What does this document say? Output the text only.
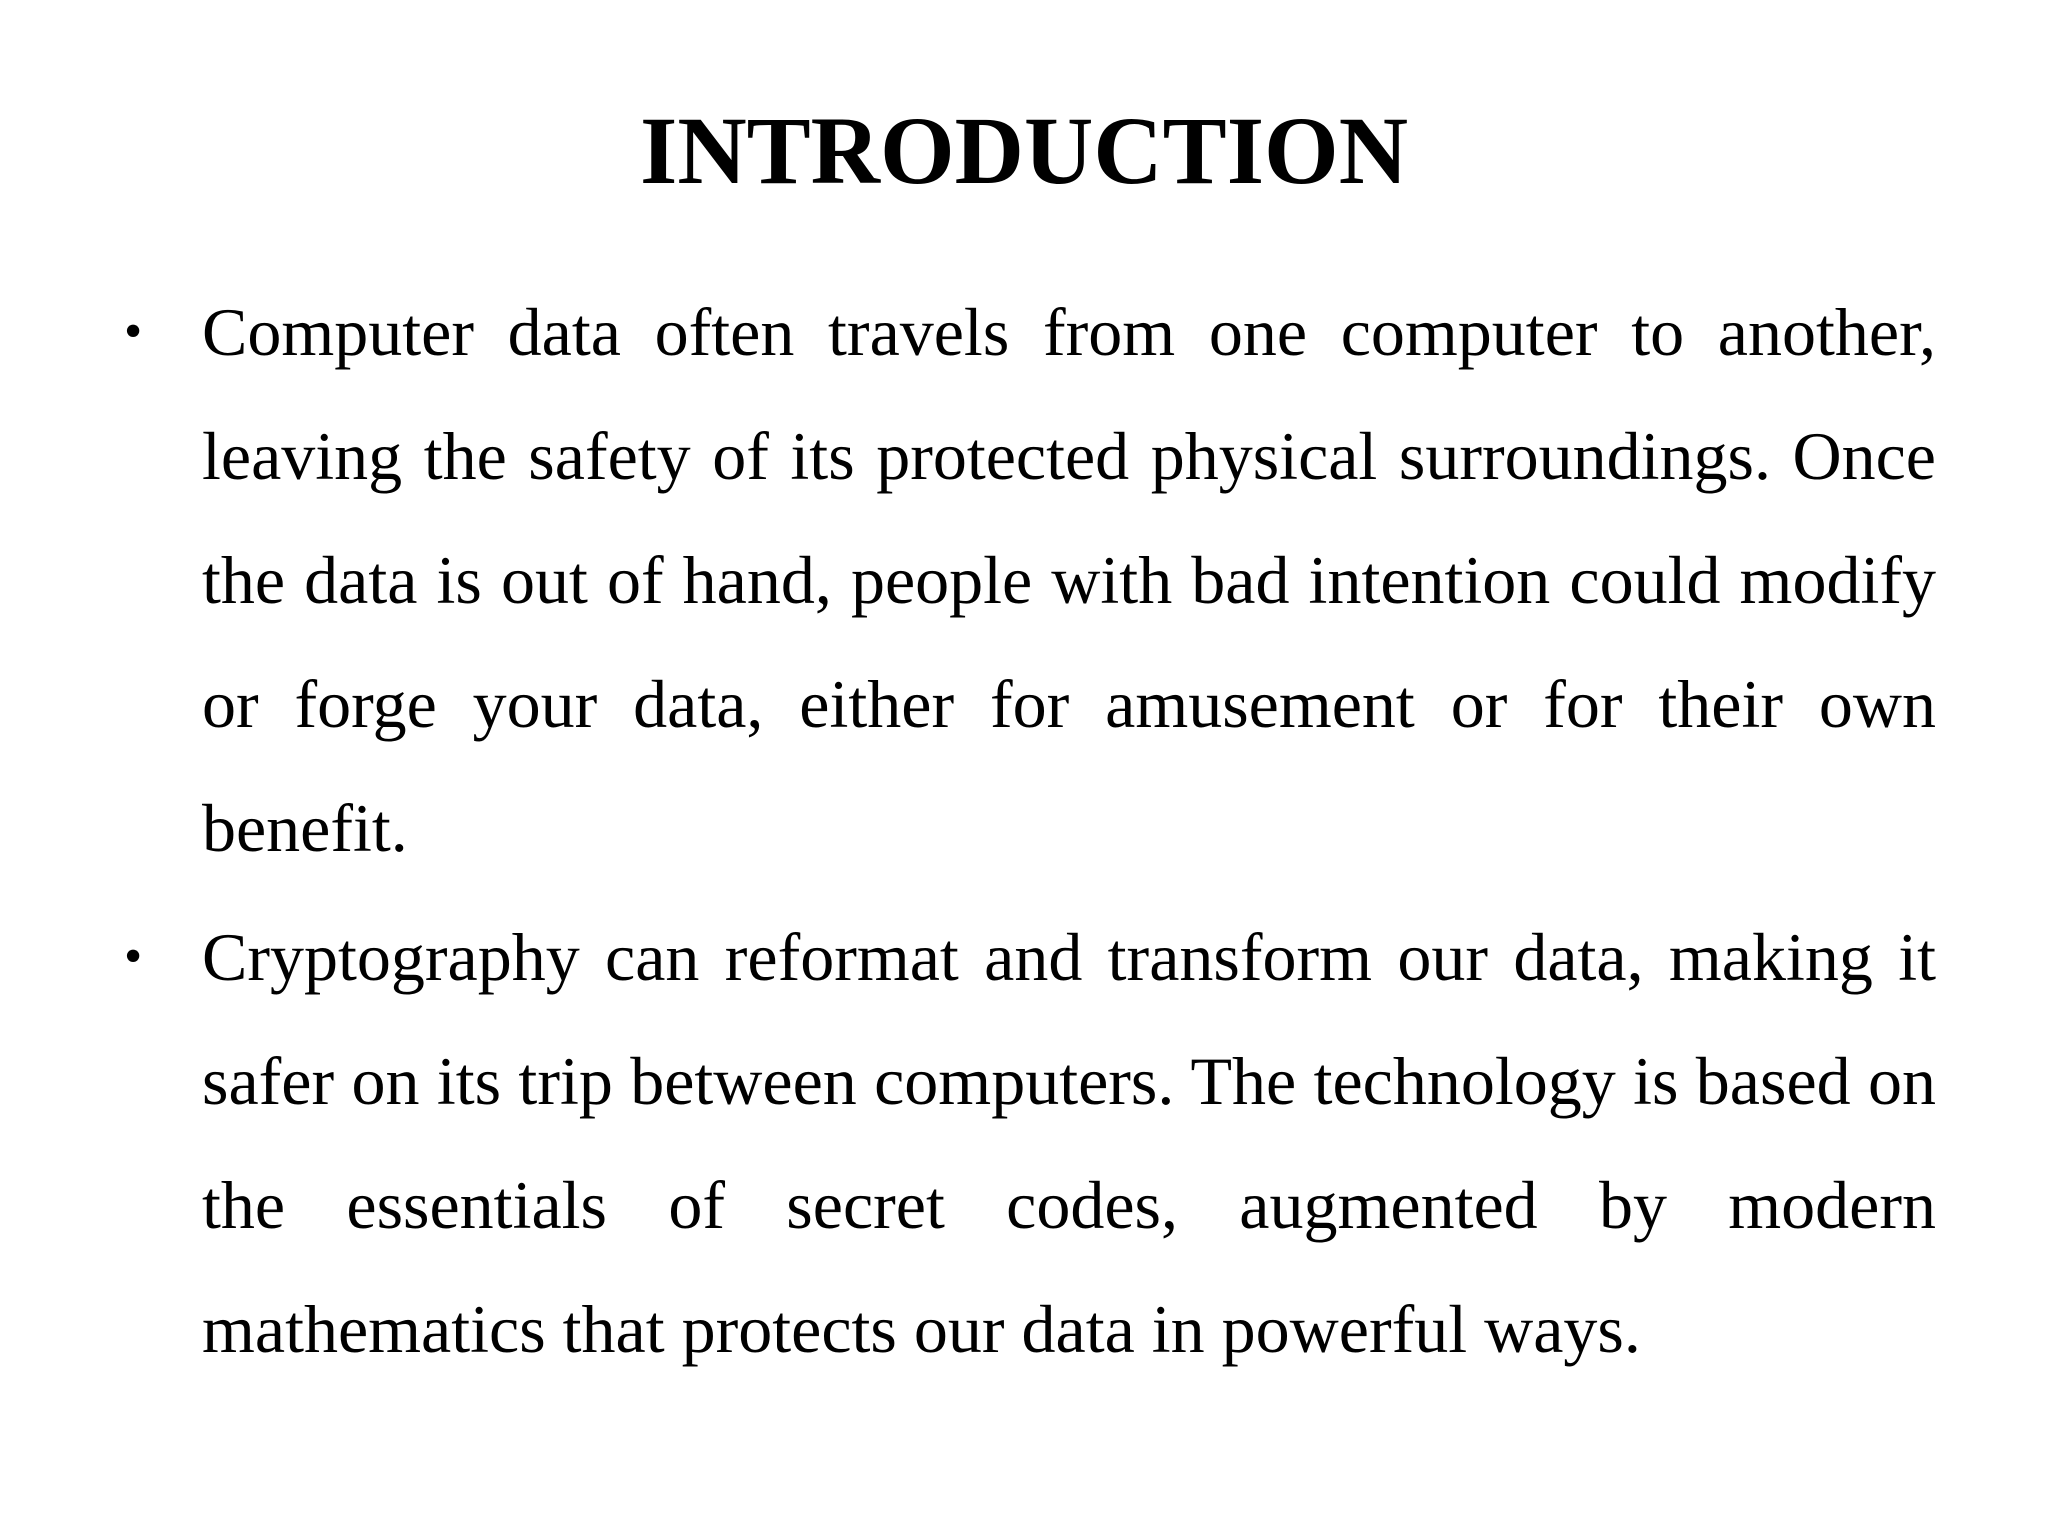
INTRODUCTION
• Computer data often travels from one computer to another, leaving the safety of its protected physical surroundings. Once the data is out of hand, people with bad intention could modify or forge your data, either for amusement or for their own benefit.
• Cryptography can reformat and transform our data, making it safer on its trip between computers. The technology is based on the essentials of secret codes, augmented by modern mathematics that protects our data in powerful ways.
